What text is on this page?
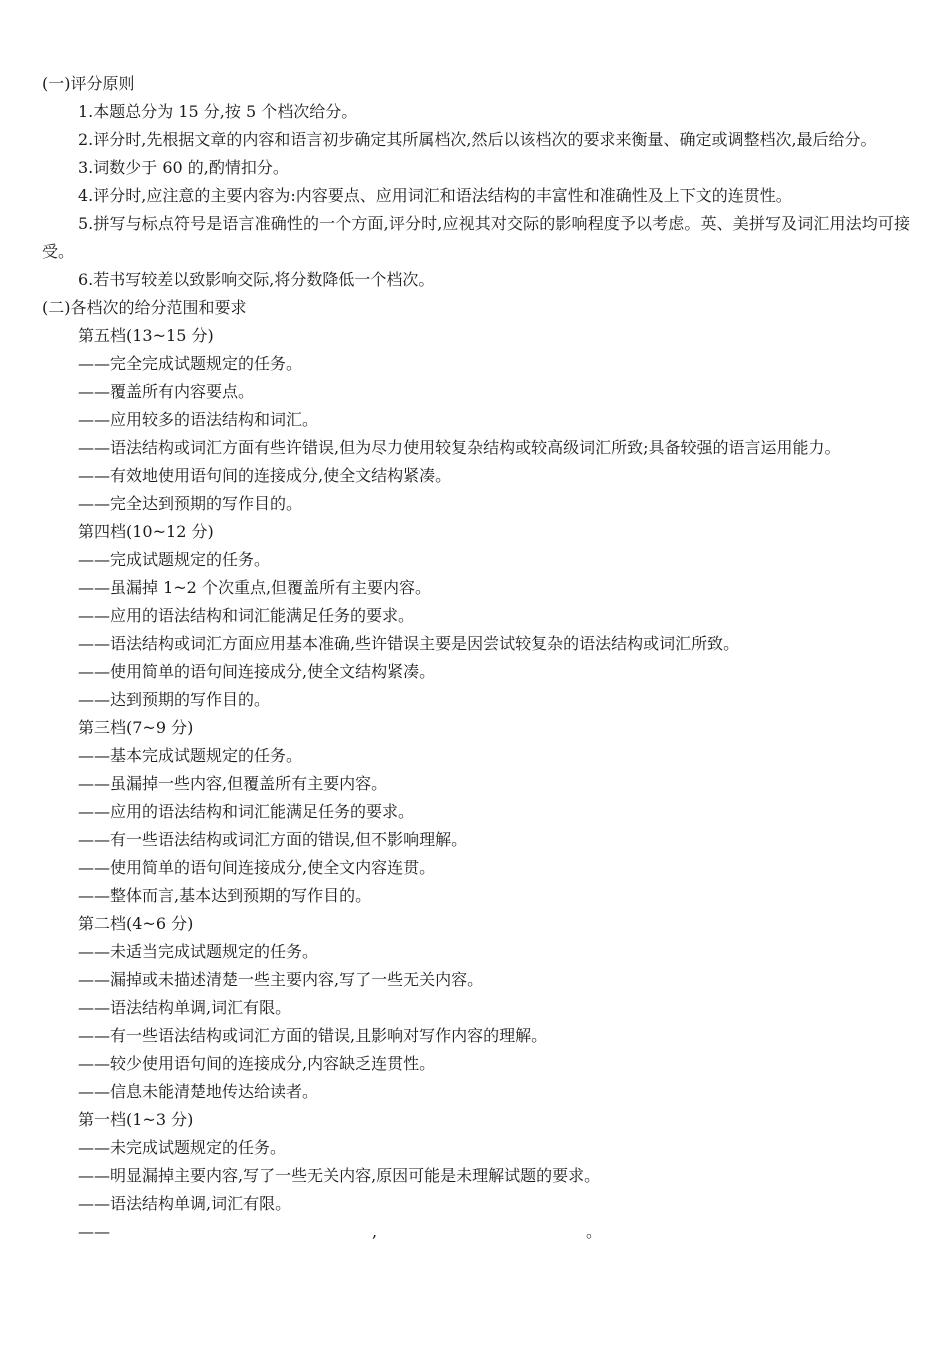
(一)评分原则
1.本题总分为 15 分,按 5 个档次给分。
2.评分时,先根据文章的内容和语言初步确定其所属档次,然后以该档次的要求来衡量、确定或调整档次,最后给分。
3.词数少于 60 的,酌情扣分。
4.评分时,应注意的主要内容为:内容要点、应用词汇和语法结构的丰富性和准确性及上下文的连贯性。
5.拼写与标点符号是语言准确性的一个方面,评分时,应视其对交际的影响程度予以考虑。英、美拼写及词汇用法均可接受。
6.若书写较差以致影响交际,将分数降低一个档次。
(二)各档次的给分范围和要求
第五档(13~15 分)
——完全完成试题规定的任务。
——覆盖所有内容要点。
——应用较多的语法结构和词汇。
——语法结构或词汇方面有些许错误,但为尽力使用较复杂结构或较高级词汇所致;具备较强的语言运用能力。
——有效地使用语句间的连接成分,使全文结构紧凑。
——完全达到预期的写作目的。
第四档(10~12 分)
——完成试题规定的任务。
——虽漏掉 1~2 个次重点,但覆盖所有主要内容。
——应用的语法结构和词汇能满足任务的要求。
——语法结构或词汇方面应用基本准确,些许错误主要是因尝试较复杂的语法结构或词汇所致。
——使用简单的语句间连接成分,使全文结构紧凑。
——达到预期的写作目的。
第三档(7~9 分)
——基本完成试题规定的任务。
——虽漏掉一些内容,但覆盖所有主要内容。
——应用的语法结构和词汇能满足任务的要求。
——有一些语法结构或词汇方面的错误,但不影响理解。
——使用简单的语句间连接成分,使全文内容连贯。
——整体而言,基本达到预期的写作目的。
第二档(4~6 分)
——未适当完成试题规定的任务。
——漏掉或未描述清楚一些主要内容,写了一些无关内容。
——语法结构单调,词汇有限。
——有一些语法结构或词汇方面的错误,且影响对写作内容的理解。
——较少使用语句间的连接成分,内容缺乏连贯性。
——信息未能清楚地传达给读者。
第一档(1~3 分)
——未完成试题规定的任务。
——明显漏掉主要内容,写了一些无关内容,原因可能是未理解试题的要求。
——语法结构单调,词汇有限。
——	,	。
